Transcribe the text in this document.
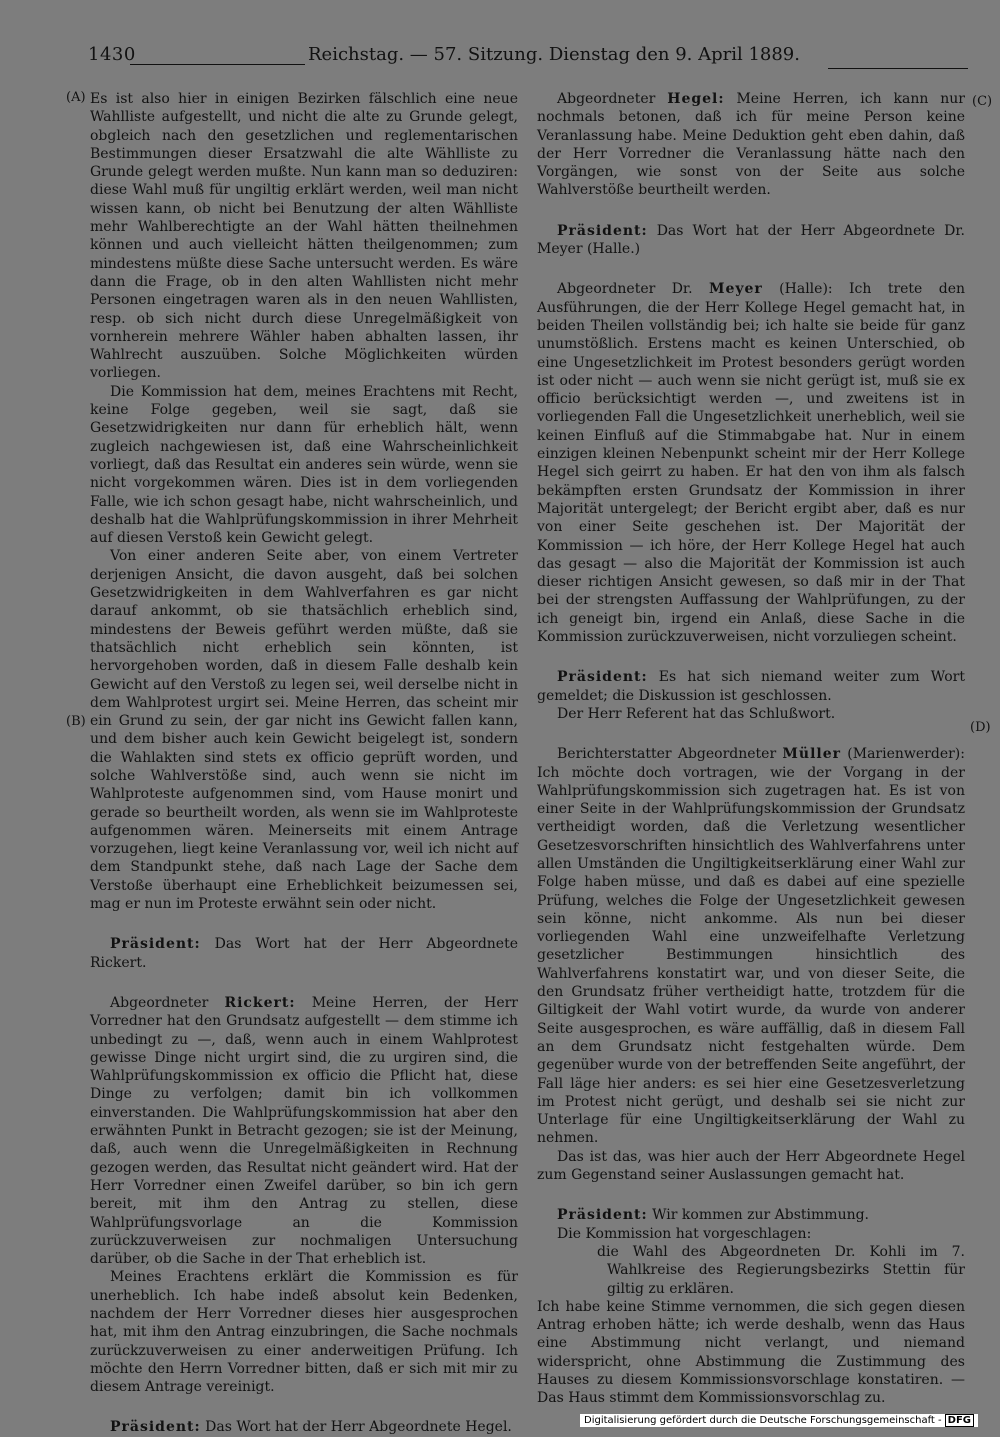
1430	Reichstag. — 57. Sitzung. Dienstag den 9. April 1889.
(A)
(B)
(C)
(D)

Es ist also hier in einigen Bezirken fälschlich eine neue Wahlliste aufgestellt, und nicht die alte zu Grunde gelegt, obgleich nach den gesetzlichen und reglementarischen Bestimmungen dieser Ersatzwahl die alte Wählliste zu Grunde gelegt werden mußte. Nun kann man so deduziren: diese Wahl muß für ungiltig erklärt werden, weil man nicht wissen kann, ob nicht bei Benutzung der alten Wählliste mehr Wahlberechtigte an der Wahl hätten theilnehmen können und auch vielleicht hätten theilgenommen; zum mindestens müßte diese Sache untersucht werden. Es wäre dann die Frage, ob in den alten Wahllisten nicht mehr Personen eingetragen waren als in den neuen Wahllisten, resp. ob sich nicht durch diese Unregelmäßigkeit von vornherein mehrere Wähler haben abhalten lassen, ihr Wahlrecht auszuüben. Solche Möglichkeiten würden vorliegen.

Die Kommission hat dem, meines Erachtens mit Recht, keine Folge gegeben, weil sie sagt, daß sie Gesetzwidrigkeiten nur dann für erheblich hält, wenn zugleich nachgewiesen ist, daß eine Wahrscheinlichkeit vorliegt, daß das Resultat ein anderes sein würde, wenn sie nicht vorgekommen wären. Dies ist in dem vorliegenden Falle, wie ich schon gesagt habe, nicht wahrscheinlich, und deshalb hat die Wahlprüfungskommission in ihrer Mehrheit auf diesen Verstoß kein Gewicht gelegt.

Von einer anderen Seite aber, von einem Vertreter derjenigen Ansicht, die davon ausgeht, daß bei solchen Gesetzwidrigkeiten in dem Wahlverfahren es gar nicht darauf ankommt, ob sie thatsächlich erheblich sind, mindestens der Beweis geführt werden müßte, daß sie thatsächlich nicht erheblich sein könnten, ist hervorgehoben worden, daß in diesem Falle deshalb kein Gewicht auf den Verstoß zu legen sei, weil derselbe nicht in dem Wahlprotest urgirt sei. Meine Herren, das scheint mir ein Grund zu sein, der gar nicht ins Gewicht fallen kann, und dem bisher auch kein Gewicht beigelegt ist, sondern die Wahlakten sind stets ex officio geprüft worden, und solche Wahlverstöße sind, auch wenn sie nicht im Wahlproteste aufgenommen sind, vom Hause monirt und gerade so beurtheilt worden, als wenn sie im Wahlproteste aufgenommen wären. Meinerseits mit einem Antrage vorzugehen, liegt keine Veranlassung vor, weil ich nicht auf dem Standpunkt stehe, daß nach Lage der Sache dem Verstoße überhaupt eine Erheblichkeit beizumessen sei, mag er nun im Proteste erwähnt sein oder nicht.

Präsident: Das Wort hat der Herr Abgeordnete Rickert.

Abgeordneter Rickert: Meine Herren, der Herr Vorredner hat den Grundsatz aufgestellt — dem stimme ich unbedingt zu —, daß, wenn auch in einem Wahlprotest gewisse Dinge nicht urgirt sind, die zu urgiren sind, die Wahlprüfungskommission ex officio die Pflicht hat, diese Dinge zu verfolgen; damit bin ich vollkommen einverstanden. Die Wahlprüfungskommission hat aber den erwähnten Punkt in Betracht gezogen; sie ist der Meinung, daß, auch wenn die Unregelmäßigkeiten in Rechnung gezogen werden, das Resultat nicht geändert wird. Hat der Herr Vorredner einen Zweifel darüber, so bin ich gern bereit, mit ihm den Antrag zu stellen, diese Wahlprüfungsvorlage an die Kommission zurückzuverweisen zur nochmaligen Untersuchung darüber, ob die Sache in der That erheblich ist.

Meines Erachtens erklärt die Kommission es für unerheblich. Ich habe indeß absolut kein Bedenken, nachdem der Herr Vorredner dieses hier ausgesprochen hat, mit ihm den Antrag einzubringen, die Sache nochmals zurückzuverweisen zu einer anderweitigen Prüfung. Ich möchte den Herrn Vorredner bitten, daß er sich mit mir zu diesem Antrage vereinigt.

Präsident: Das Wort hat der Herr Abgeordnete Hegel.

Abgeordneter Hegel: Meine Herren, ich kann nur nochmals betonen, daß ich für meine Person keine Veranlassung habe. Meine Deduktion geht eben dahin, daß der Herr Vorredner die Veranlassung hätte nach den Vorgängen, wie sonst von der Seite aus solche Wahlverstöße beurtheilt werden.

Präsident: Das Wort hat der Herr Abgeordnete Dr. Meyer (Halle.)

Abgeordneter Dr. Meyer (Halle): Ich trete den Ausführungen, die der Herr Kollege Hegel gemacht hat, in beiden Theilen vollständig bei; ich halte sie beide für ganz unumstößlich. Erstens macht es keinen Unterschied, ob eine Ungesetzlichkeit im Protest besonders gerügt worden ist oder nicht — auch wenn sie nicht gerügt ist, muß sie ex officio berücksichtigt werden —, und zweitens ist in vorliegenden Fall die Ungesetzlichkeit unerheblich, weil sie keinen Einfluß auf die Stimmabgabe hat. Nur in einem einzigen kleinen Nebenpunkt scheint mir der Herr Kollege Hegel sich geirrt zu haben. Er hat den von ihm als falsch bekämpften ersten Grundsatz der Kommission in ihrer Majorität untergelegt; der Bericht ergibt aber, daß es nur von einer Seite geschehen ist. Der Majorität der Kommission — ich höre, der Herr Kollege Hegel hat auch das gesagt — also die Majorität der Kommission ist auch dieser richtigen Ansicht gewesen, so daß mir in der That bei der strengsten Auffassung der Wahlprüfungen, zu der ich geneigt bin, irgend ein Anlaß, diese Sache in die Kommission zurückzuverweisen, nicht vorzuliegen scheint.

Präsident: Es hat sich niemand weiter zum Wort gemeldet; die Diskussion ist geschlossen.

Der Herr Referent hat das Schlußwort.

Berichterstatter Abgeordneter Müller (Marienwerder): Ich möchte doch vortragen, wie der Vorgang in der Wahlprüfungskommission sich zugetragen hat. Es ist von einer Seite in der Wahlprüfungskommission der Grundsatz vertheidigt worden, daß die Verletzung wesentlicher Gesetzesvorschriften hinsichtlich des Wahlverfahrens unter allen Umständen die Ungiltigkeitserklärung einer Wahl zur Folge haben müsse, und daß es dabei auf eine spezielle Prüfung, welches die Folge der Ungesetzlichkeit gewesen sein könne, nicht ankomme. Als nun bei dieser vorliegenden Wahl eine unzweifelhafte Verletzung gesetzlicher Bestimmungen hinsichtlich des Wahlverfahrens konstatirt war, und von dieser Seite, die den Grundsatz früher vertheidigt hatte, trotzdem für die Giltigkeit der Wahl votirt wurde, da wurde von anderer Seite ausgesprochen, es wäre auffällig, daß in diesem Fall an dem Grundsatz nicht festgehalten würde. Dem gegenüber wurde von der betreffenden Seite angeführt, der Fall läge hier anders: es sei hier eine Gesetzesverletzung im Protest nicht gerügt, und deshalb sei sie nicht zur Unterlage für eine Ungiltigkeitserklärung der Wahl zu nehmen.

Das ist das, was hier auch der Herr Abgeordnete Hegel zum Gegenstand seiner Auslassungen gemacht hat.

Präsident: Wir kommen zur Abstimmung.

Die Kommission hat vorgeschlagen:

die Wahl des Abgeordneten Dr. Kohli im 7. Wahlkreise des Regierungsbezirks Stettin für giltig zu erklären.

Ich habe keine Stimme vernommen, die sich gegen diesen Antrag erhoben hätte; ich werde deshalb, wenn das Haus eine Abstimmung nicht verlangt, und niemand widerspricht, ohne Abstimmung die Zustimmung des Hauses zu diesem Kommissionsvorschlage konstatiren. — Das Haus stimmt dem Kommissionsvorschlag zu.

Digitalisierung gefördert durch die Deutsche Forschungsgemeinschaft - DFG
